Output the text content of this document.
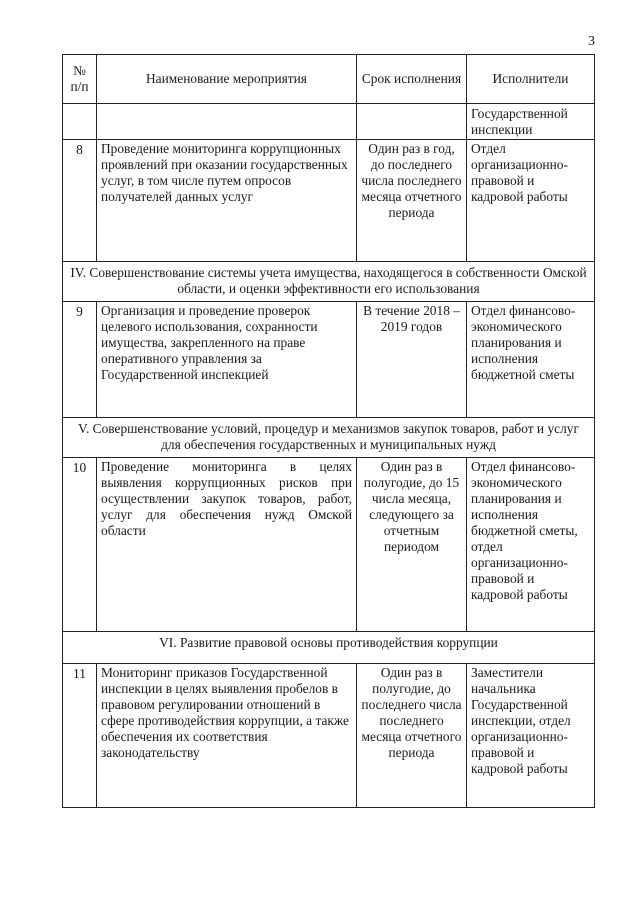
3
№ п/п	Наименование мероприятия	Срок исполнения	Исполнители
			Государственной инспекции
8	Проведение мониторинга коррупционных проявлений при оказании государственных услуг, в том числе путем опросов получателей данных услуг	Один раз в год, до последнего числа последнего месяца отчетного периода	Отдел организационно-правовой и кадровой работы
IV. Совершенствование системы учета имущества, находящегося в собственности Омской области, и оценки эффективности его использования			
9	Организация и проведение проверок целевого использования, сохранности имущества, закрепленного на праве оперативного управления за Государственной инспекцией	В течение 2018 – 2019 годов	Отдел финансово-экономического планирования и исполнения бюджетной сметы
V. Совершенствование условий, процедур и механизмов закупок товаров, работ и услуг для обеспечения государственных и муниципальных нужд			
10	Проведение мониторинга в целях выявления коррупционных рисков при осуществлении закупок товаров, работ, услуг для обеспечения нужд Омской области	Один раз в полугодие, до 15 числа месяца, следующего за отчетным периодом	Отдел финансово-экономического планирования и исполнения бюджетной сметы, отдел организационно-правовой и кадровой работы
VI. Развитие правовой основы противодействия коррупции			
11	Мониторинг приказов Государственной инспекции в целях выявления пробелов в правовом регулировании отношений в сфере противодействия коррупции, а также обеспечения их соответствия законодательству	Один раз в полугодие, до последнего числа последнего месяца отчетного периода	Заместители начальника Государственной инспекции, отдел организационно-правовой и кадровой работы
